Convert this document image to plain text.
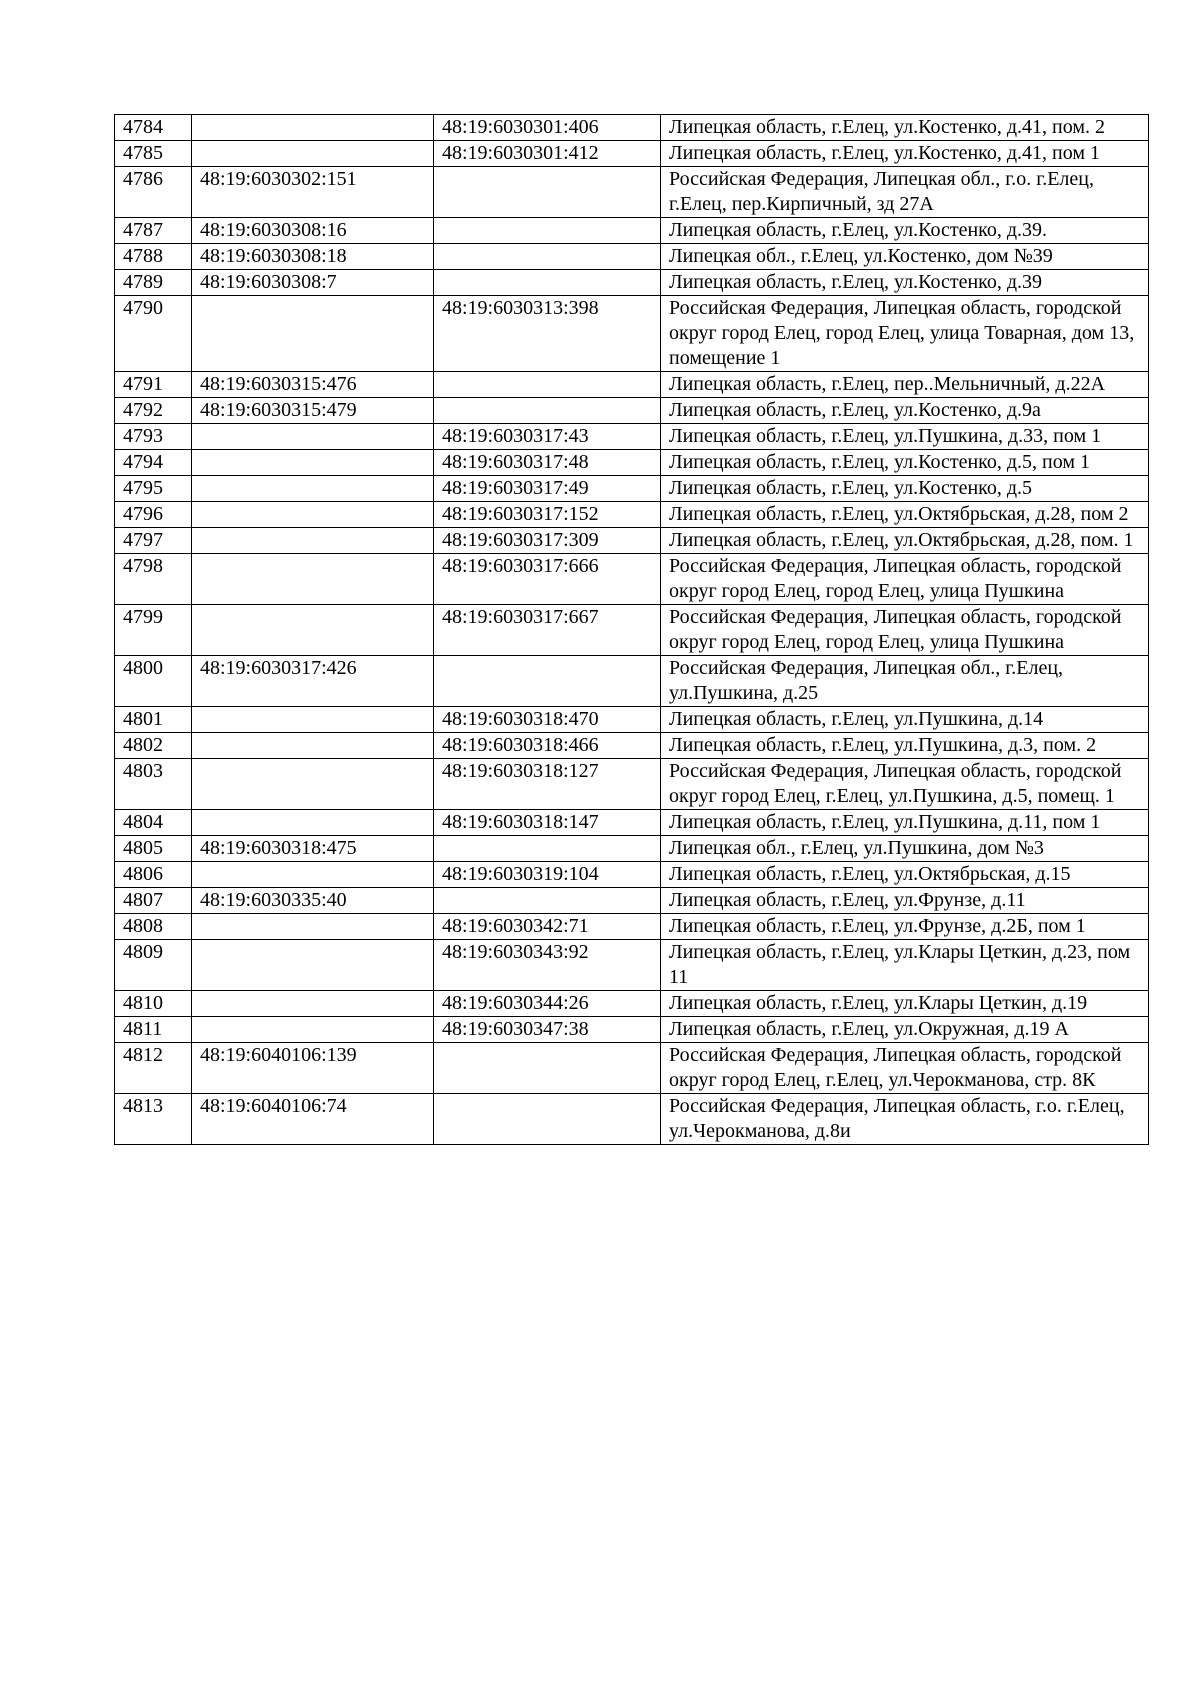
4784		48:19:6030301:406	Липецкая область, г.Елец, ул.Костенко, д.41, пом. 2
4785		48:19:6030301:412	Липецкая область, г.Елец, ул.Костенко, д.41, пом 1
4786	48:19:6030302:151		Российская Федерация, Липецкая обл., г.о. г.Елец, г.Елец, пер.Кирпичный, зд 27А
4787	48:19:6030308:16		Липецкая область, г.Елец, ул.Костенко, д.39.
4788	48:19:6030308:18		Липецкая обл., г.Елец, ул.Костенко, дом №39
4789	48:19:6030308:7		Липецкая область, г.Елец, ул.Костенко, д.39
4790		48:19:6030313:398	Российская Федерация, Липецкая область, городской округ город Елец, город Елец, улица Товарная, дом 13, помещение 1
4791	48:19:6030315:476		Липецкая область, г.Елец, пер..Мельничный, д.22А
4792	48:19:6030315:479		Липецкая область, г.Елец, ул.Костенко, д.9а
4793		48:19:6030317:43	Липецкая область, г.Елец, ул.Пушкина, д.33, пом 1
4794		48:19:6030317:48	Липецкая область, г.Елец, ул.Костенко, д.5, пом 1
4795		48:19:6030317:49	Липецкая область, г.Елец, ул.Костенко, д.5
4796		48:19:6030317:152	Липецкая область, г.Елец, ул.Октябрьская, д.28, пом 2
4797		48:19:6030317:309	Липецкая область, г.Елец, ул.Октябрьская, д.28, пом. 1
4798		48:19:6030317:666	Российская Федерация, Липецкая область, городской округ город Елец, город Елец, улица Пушкина
4799		48:19:6030317:667	Российская Федерация, Липецкая область, городской округ город Елец, город Елец, улица Пушкина
4800	48:19:6030317:426		Российская Федерация, Липецкая обл., г.Елец, ул.Пушкина, д.25
4801		48:19:6030318:470	Липецкая область, г.Елец, ул.Пушкина, д.14
4802		48:19:6030318:466	Липецкая область, г.Елец, ул.Пушкина, д.3, пом. 2
4803		48:19:6030318:127	Российская Федерация, Липецкая область, городской округ город Елец, г.Елец, ул.Пушкина, д.5, помещ. 1
4804		48:19:6030318:147	Липецкая область, г.Елец, ул.Пушкина, д.11, пом 1
4805	48:19:6030318:475		Липецкая обл., г.Елец, ул.Пушкина, дом №3
4806		48:19:6030319:104	Липецкая область, г.Елец, ул.Октябрьская, д.15
4807	48:19:6030335:40		Липецкая область, г.Елец, ул.Фрунзе, д.11
4808		48:19:6030342:71	Липецкая область, г.Елец, ул.Фрунзе, д.2Б, пом 1
4809		48:19:6030343:92	Липецкая область, г.Елец, ул.Клары Цеткин, д.23, пом 11
4810		48:19:6030344:26	Липецкая область, г.Елец, ул.Клары Цеткин, д.19
4811		48:19:6030347:38	Липецкая область, г.Елец, ул.Окружная, д.19 А
4812	48:19:6040106:139		Российская Федерация, Липецкая область, городской округ город Елец, г.Елец, ул.Черокманова, стр. 8К
4813	48:19:6040106:74		Российская Федерация, Липецкая область, г.о. г.Елец, ул.Черокманова, д.8и
